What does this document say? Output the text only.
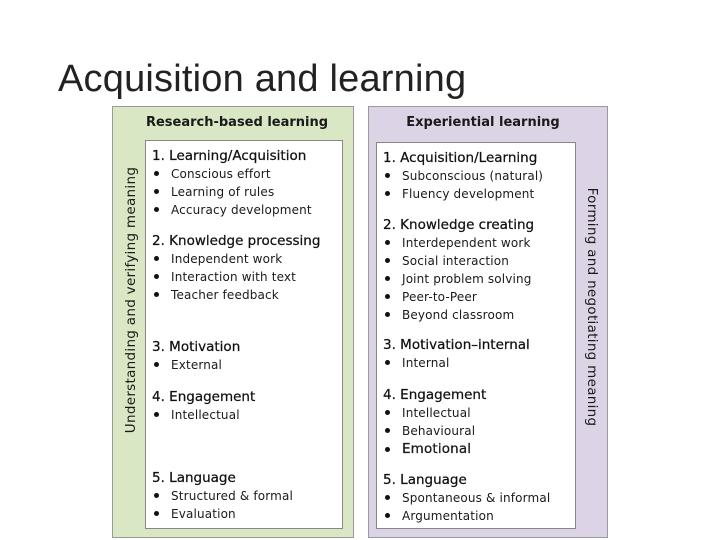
Acquisition and learning
Research-based learning
Understanding and verifying meaning
1. Learning/Acquisition
Conscious effort
Learning of rules
Accuracy development
2. Knowledge processing
Independent work
Interaction with text
Teacher feedback
3. Motivation
External
4. Engagement
Intellectual
5. Language
Structured & formal
Evaluation
Experiential learning
Forming and negotiating meaning
1. Acquisition/Learning
Subconscious (natural)
Fluency development
2. Knowledge creating
Interdependent work
Social interaction
Joint problem solving
Peer-to-Peer
Beyond classroom
3. Motivation–internal
Internal
4. Engagement
Intellectual
Behavioural
Emotional
5. Language
Spontaneous & informal
Argumentation
